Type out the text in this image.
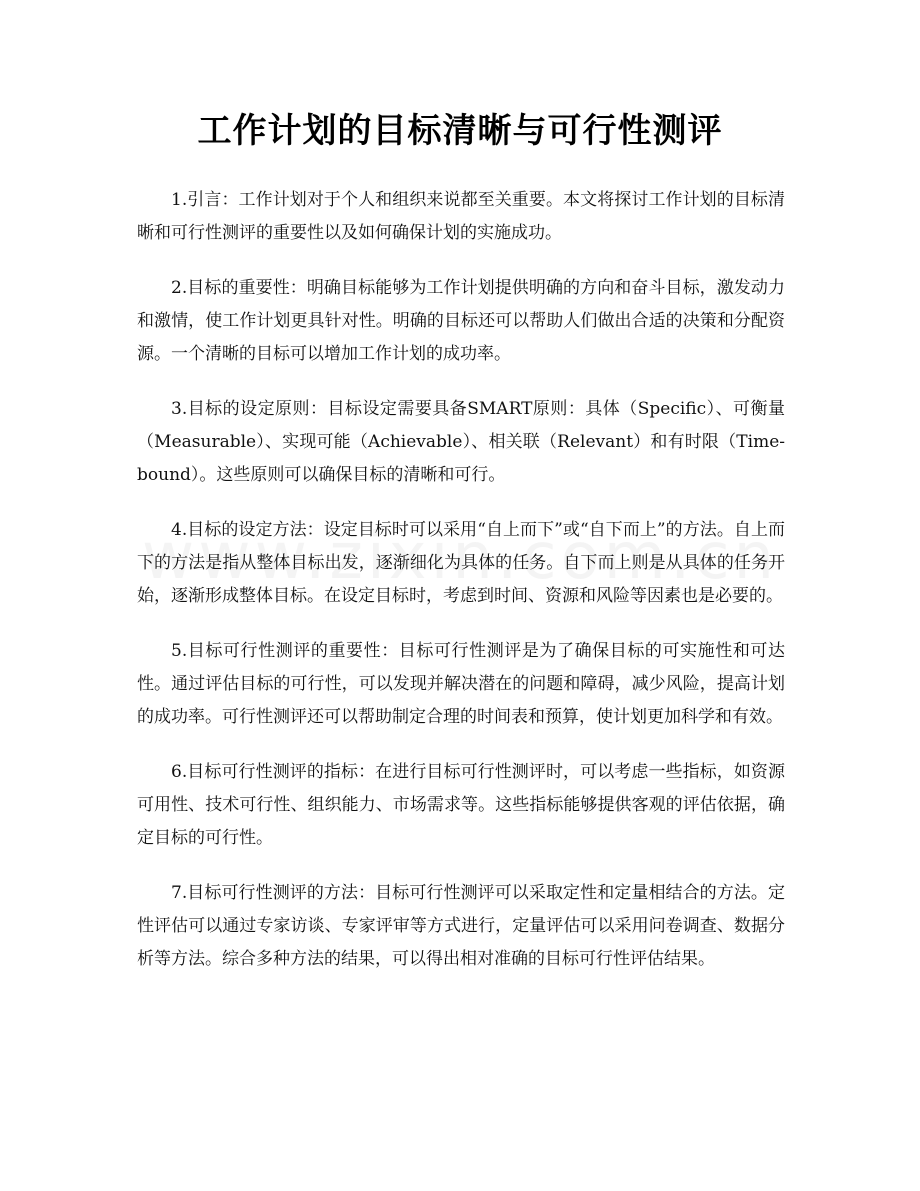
工作计划的目标清晰与可行性测评

1.引言：工作计划对于个人和组织来说都至关重要。本文将探讨工作计划的目标清晰和可行性测评的重要性以及如何确保计划的实施成功。

2.目标的重要性：明确目标能够为工作计划提供明确的方向和奋斗目标，激发动力和激情，使工作计划更具针对性。明确的目标还可以帮助人们做出合适的决策和分配资源。一个清晰的目标可以增加工作计划的成功率。

3.目标的设定原则：目标设定需要具备SMART原则：具体（Specific）、可衡量（Measurable）、实现可能（Achievable）、相关联（Relevant）和有时限（Time-bound）。这些原则可以确保目标的清晰和可行。

4.目标的设定方法：设定目标时可以采用“自上而下”或“自下而上”的方法。自上而下的方法是指从整体目标出发，逐渐细化为具体的任务。自下而上则是从具体的任务开始，逐渐形成整体目标。在设定目标时，考虑到时间、资源和风险等因素也是必要的。

5.目标可行性测评的重要性：目标可行性测评是为了确保目标的可实施性和可达性。通过评估目标的可行性，可以发现并解决潜在的问题和障碍，减少风险，提高计划的成功率。可行性测评还可以帮助制定合理的时间表和预算，使计划更加科学和有效。

6.目标可行性测评的指标：在进行目标可行性测评时，可以考虑一些指标，如资源可用性、技术可行性、组织能力、市场需求等。这些指标能够提供客观的评估依据，确定目标的可行性。

7.目标可行性测评的方法：目标可行性测评可以采取定性和定量相结合的方法。定性评估可以通过专家访谈、专家评审等方式进行，定量评估可以采用问卷调查、数据分析等方法。综合多种方法的结果，可以得出相对准确的目标可行性评估结果。
